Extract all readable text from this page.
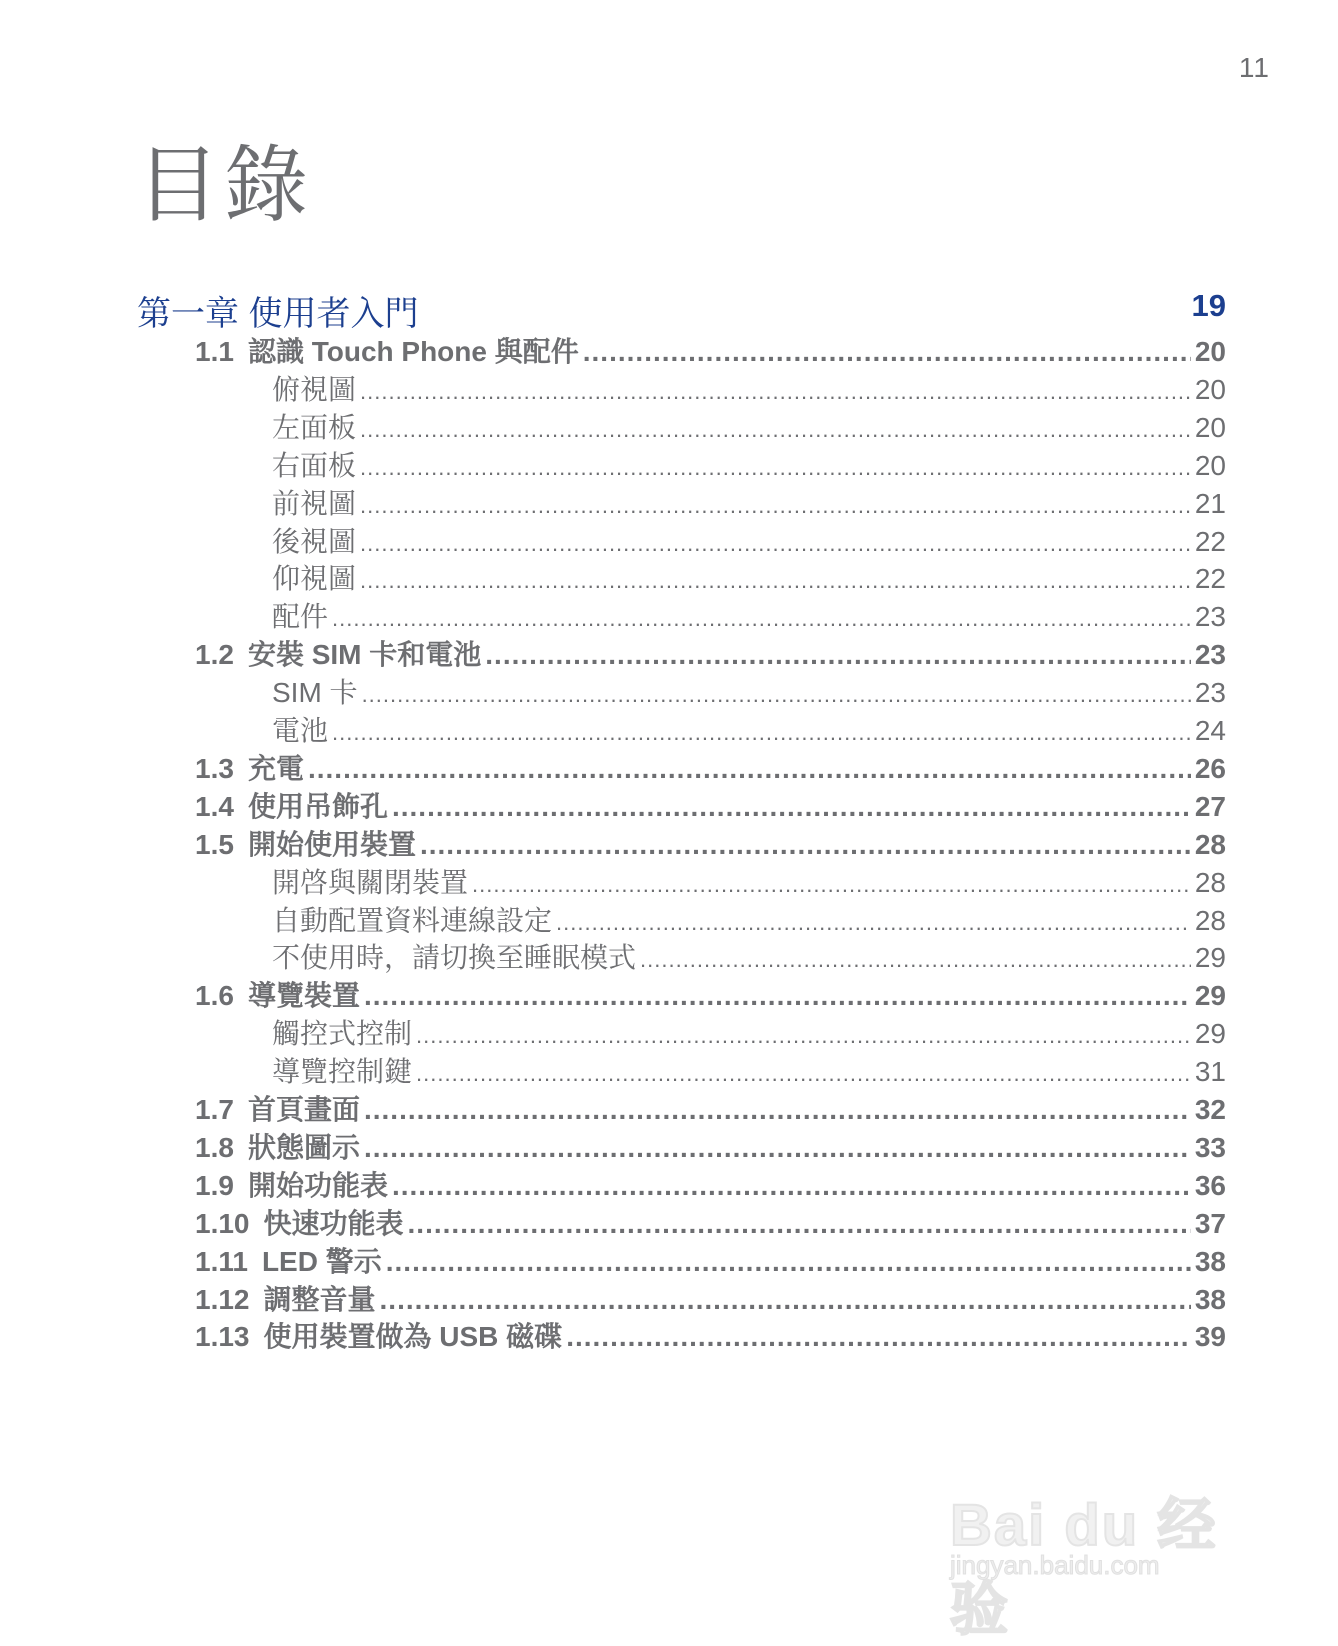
11
目錄
第一章 使用者入門	19
1.1 認識 Touch Phone 與配件 .....	20
俯視圖 .....	20
左面板 .....	20
右面板 .....	20
前視圖 .....	21
後視圖 .....	22
仰視圖 .....	22
配件 .....	23
1.2 安裝 SIM 卡和電池 .....	23
SIM 卡 .....	23
電池 .....	24
1.3 充電 .....	26
1.4 使用吊飾孔 .....	27
1.5 開始使用裝置 .....	28
開啓與關閉裝置 .....	28
自動配置資料連線設定 .....	28
不使用時，請切換至睡眠模式 .....	29
1.6 導覽裝置 .....	29
觸控式控制 .....	29
導覽控制鍵 .....	31
1.7 首頁畫面 .....	32
1.8 狀態圖示 .....	33
1.9 開始功能表 .....	36
1.10 快速功能表 .....	37
1.11 LED 警示 .....	38
1.12 調整音量 .....	38
1.13 使用裝置做為 USB 磁碟 .....	39
Bai du 经验
jingyan.baidu.com
